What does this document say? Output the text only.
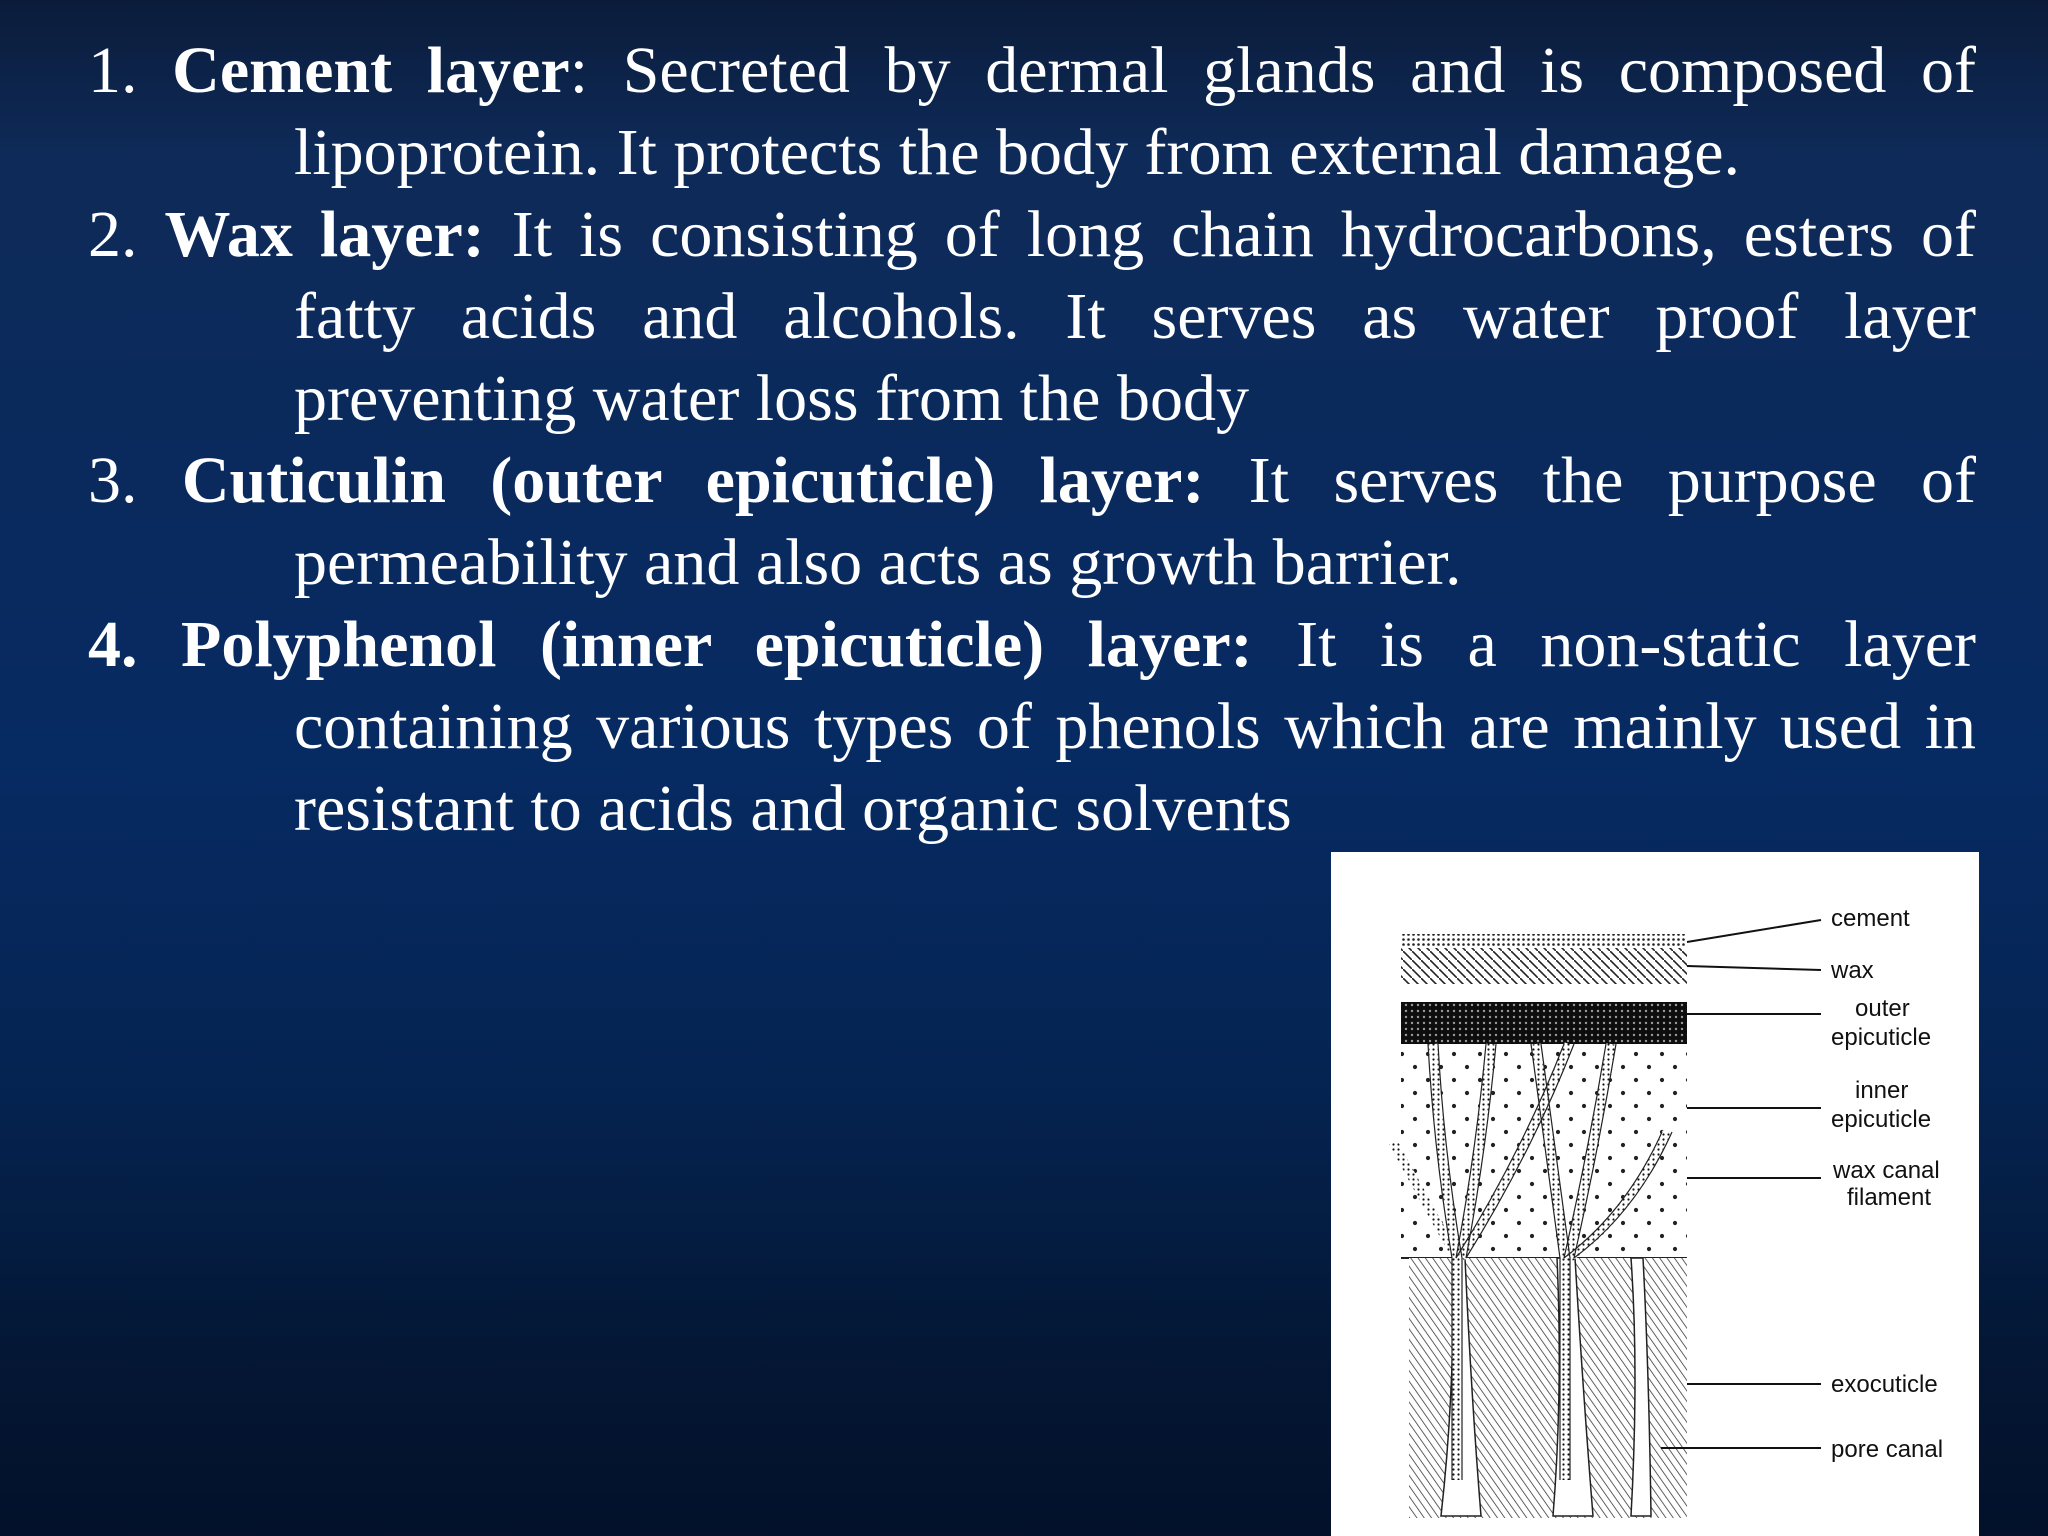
1. Cement layer: Secreted by dermal glands and is composed of lipoprotein. It protects the body from external damage.

2. Wax layer: It is consisting of long chain hydrocarbons, esters of fatty acids and alcohols. It serves as water proof layer preventing water loss from the body

3. Cuticulin (outer epicuticle) layer: It serves the purpose of permeability and also acts as growth barrier.

4. Polyphenol (inner epicuticle) layer: It is a non-static layer containing various types of phenols which are mainly used in resistant to acids and organic solvents

cement
wax
outer
epicuticle
inner
epicuticle
wax canal
filament
exocuticle
pore canal
